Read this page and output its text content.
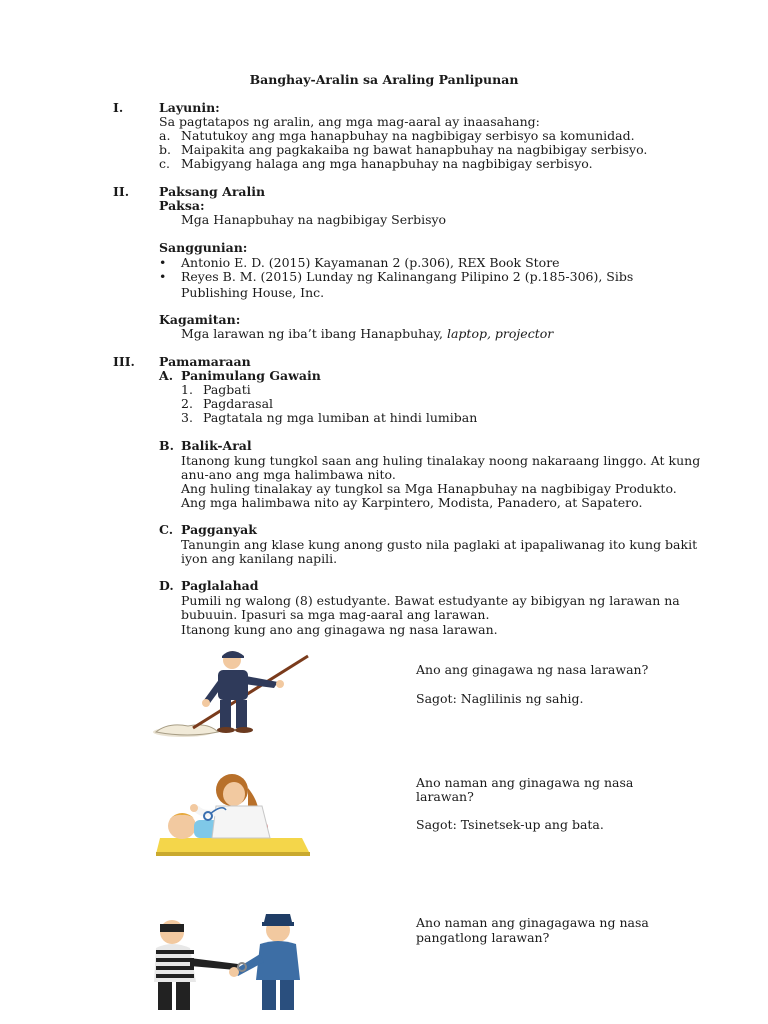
Banghay-Aralin sa Araling Panlipunan
I.	Layunin:
Sa pagtatapos ng aralin, ang mga mag-aaral ay inaasahang:
a. Natutukoy ang mga hanapbuhay na nagbibigay serbisyo sa komunidad.
b. Maipakita ang pagkakaiba ng bawat hanapbuhay na nagbibigay serbisyo.
c. Mabigyang halaga ang mga hanapbuhay na nagbibigay serbisyo.
II. Paksang Aralin
Paksa:
Mga Hanapbuhay na nagbibigay Serbisyo
Sanggunian:
• Antonio E. D. (2015) Kayamanan 2 (p.306), REX Book Store
• Reyes B. M. (2015) Lunday ng Kalinangang Pilipino 2 (p.185-306), Sibs
Publishing House, Inc.
Kagamitan:
Mga larawan ng iba’t ibang Hanapbuhay, laptop, projector
III. Pamamaraan
A. Panimulang Gawain
1. Pagbati
2. Pagdarasal
3. Pagtatala ng mga lumiban at hindi lumiban
B. Balik-Aral
Itanong kung tungkol saan ang huling tinalakay noong nakaraang linggo. At kung
anu-ano ang mga halimbawa nito.
Ang huling tinalakay ay tungkol sa Mga Hanapbuhay na nagbibigay Produkto.
Ang mga halimbawa nito ay Karpintero, Modista, Panadero, at Sapatero.
C. Pagganyak
Tanungin ang klase kung anong gusto nila paglaki at ipapaliwanag ito kung bakit
iyon ang kanilang napili.
D. Paglalahad
Pumili ng walong (8) estudyante. Bawat estudyante ay bibigyan ng larawan na
bubuuin. Ipasuri sa mga mag-aaral ang larawan.
Itanong kung ano ang ginagawa ng nasa larawan.
Ano ang ginagawa ng nasa larawan?
Sagot: Naglilinis ng sahig.
Ano naman ang ginagawa ng nasa
larawan?
Sagot: Tsinetsek-up ang bata.
Ano naman ang ginagagawa ng nasa
pangatlong larawan?
